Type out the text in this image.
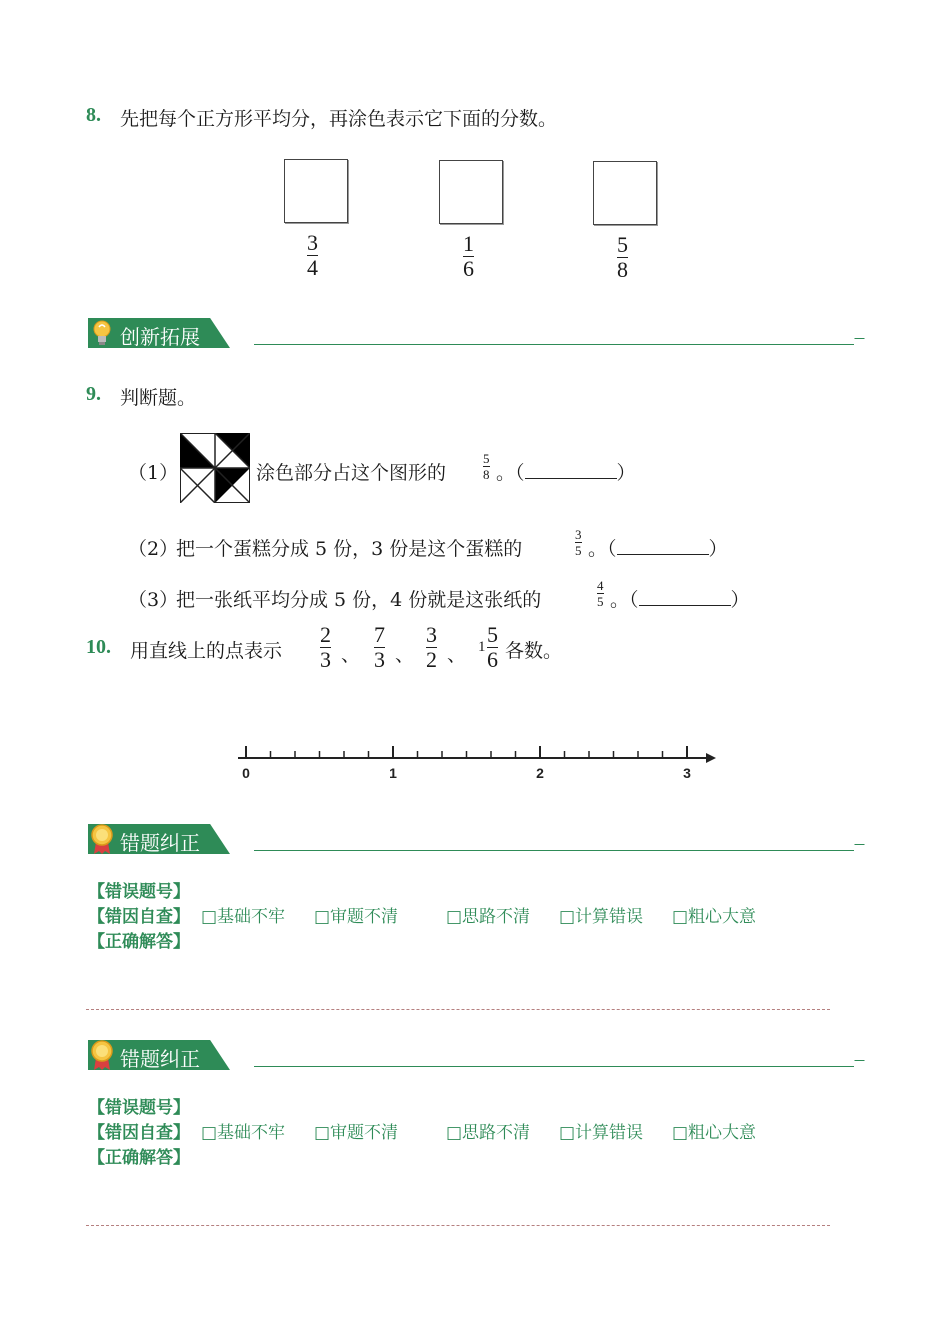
8. 先把每个正方形平均分，再涂色表示它下面的分数。
3
4
1
6
5
8
创新拓展
9. 判断题。
（1）	涂色部分占这个图形的
5
8 。（	）
（2）
把一个蛋糕分成 5 份，3 份是这个蛋糕的
3
5 。（	）
（3）
把一张纸平均分成 5 份，4 份就是这张纸的
4
5 。（	）
10. 用直线上的点表示
2
3 、
7
3 、
3
2 、 1 5
6 各数。
0	1	2	3
错题纠正
【错误题号】
【错因自查】 □基础不牢 □审题不清	□思路不清 □计算错误 □粗心大意
【正确解答】
错题纠正
【错误题号】
【错因自查】 □基础不牢 □审题不清	□思路不清 □计算错误 □粗心大意
【正确解答】
